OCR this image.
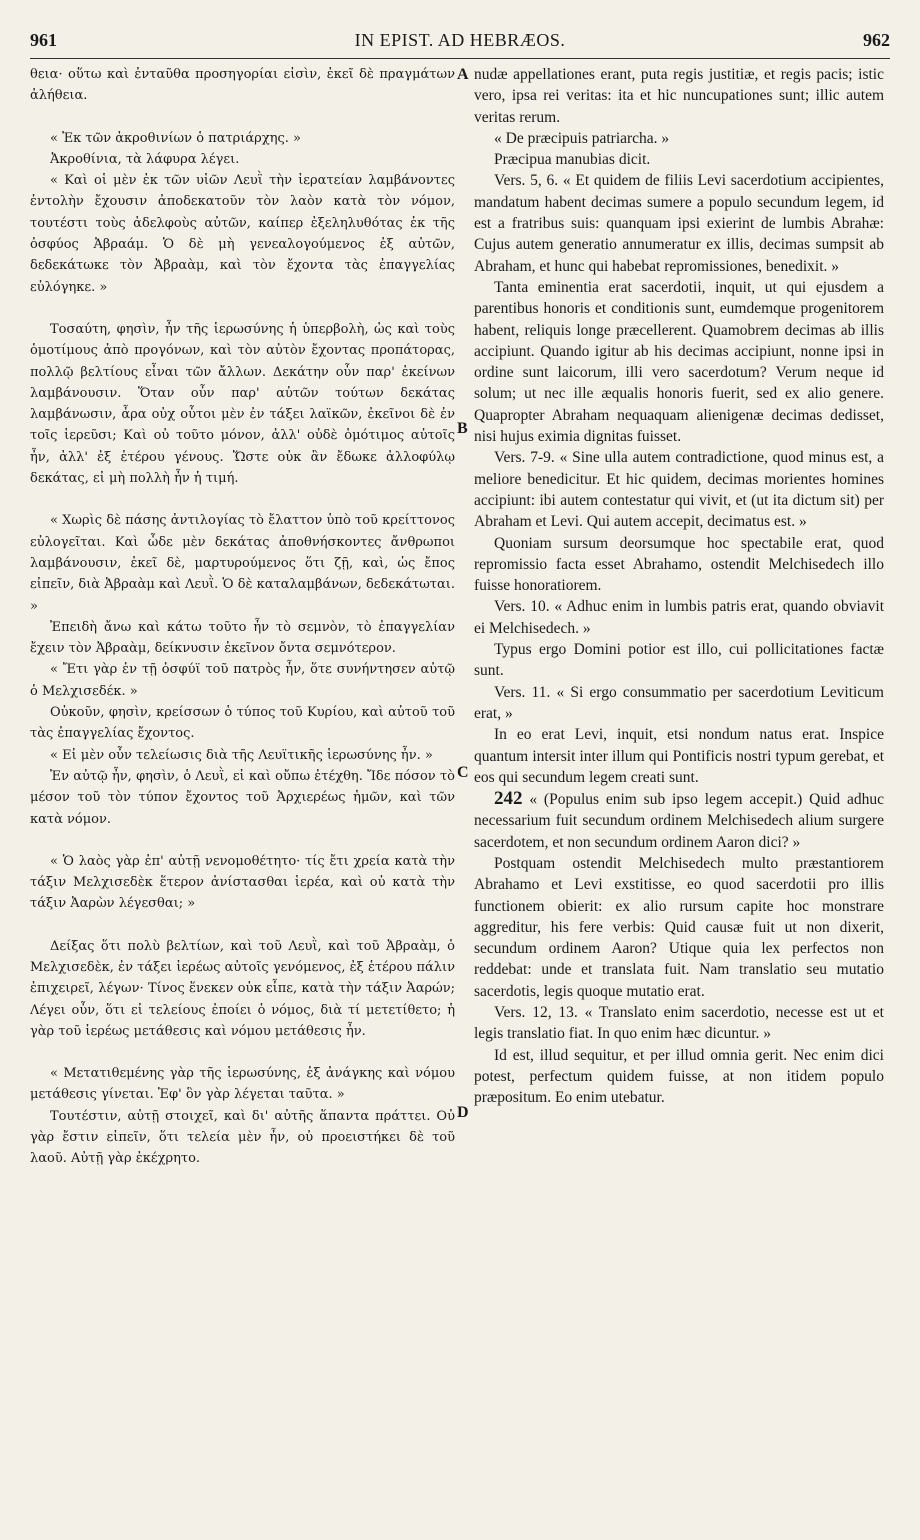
961	IN EPIST. AD HEBRÆOS.	962
A
B
C
D

θεια· οὕτω καὶ ἐνταῦθα προσηγορίαι εἰσὶν, ἐκεῖ δὲ πραγμάτων ἀλήθεια.

« Ἐκ τῶν ἀκροθινίων ὁ πατριάρχης. »

Ἀκροθίνια, τὰ λάφυρα λέγει.

« Καὶ οἱ μὲν ἐκ τῶν υἱῶν Λευῒ τὴν ἱερατείαν λαμβάνοντες ἐντολὴν ἔχουσιν ἀποδεκατοῦν τὸν λαὸν κατὰ τὸν νόμον, τουτέστι τοὺς ἀδελφοὺς αὐτῶν, καίπερ ἐξεληλυθότας ἐκ τῆς ὀσφύος Ἀβραάμ. Ὁ δὲ μὴ γενεαλογούμενος ἐξ αὐτῶν, δεδεκάτωκε τὸν Ἀβραὰμ, καὶ τὸν ἔχοντα τὰς ἐπαγγελίας εὐλόγηκε. »

Τοσαύτη, φησὶν, ἦν τῆς ἱερωσύνης ἡ ὑπερβολὴ, ὡς καὶ τοὺς ὁμοτίμους ἀπὸ προγόνων, καὶ τὸν αὐτὸν ἔχοντας προπάτορας, πολλῷ βελτίους εἶναι τῶν ἄλλων. Δεκάτην οὖν παρ' ἐκείνων λαμβάνουσιν. Ὅταν οὖν παρ' αὐτῶν τούτων δεκάτας λαμβάνωσιν, ἆρα οὐχ οὗτοι μὲν ἐν τάξει λαϊκῶν, ἐκεῖνοι δὲ ἐν τοῖς ἱερεῦσι; Καὶ οὐ τοῦτο μόνον, ἀλλ' οὐδὲ ὁμότιμος αὐτοῖς ἦν, ἀλλ' ἐξ ἑτέρου γένους. Ὥστε οὐκ ἂν ἔδωκε ἀλλοφύλῳ δεκάτας, εἰ μὴ πολλὴ ἦν ἡ τιμή.

« Χωρὶς δὲ πάσης ἀντιλογίας τὸ ἔλαττον ὑπὸ τοῦ κρείττονος εὐλογεῖται. Καὶ ὧδε μὲν δεκάτας ἀποθνήσκοντες ἄνθρωποι λαμβάνουσιν, ἐκεῖ δὲ, μαρτυρούμενος ὅτι ζῇ, καὶ, ὡς ἔπος εἰπεῖν, διὰ Ἀβραὰμ καὶ Λευῒ. Ὁ δὲ καταλαμβάνων, δεδεκάτωται. »

Ἐπειδὴ ἄνω καὶ κάτω τοῦτο ἦν τὸ σεμνὸν, τὸ ἐπαγγελίαν ἔχειν τὸν Ἀβραὰμ, δείκνυσιν ἐκεῖνον ὄντα σεμνότερον.

« Ἔτι γὰρ ἐν τῇ ὀσφύϊ τοῦ πατρὸς ἦν, ὅτε συνήντησεν αὐτῷ ὁ Μελχισεδέκ. »

Οὐκοῦν, φησὶν, κρείσσων ὁ τύπος τοῦ Κυρίου, καὶ αὐτοῦ τοῦ τὰς ἐπαγγελίας ἔχοντος.

« Εἰ μὲν οὖν τελείωσις διὰ τῆς Λευϊτικῆς ἱερωσύνης ἦν. »

Ἐν αὐτῷ ἦν, φησὶν, ὁ Λευῒ, εἰ καὶ οὔπω ἐτέχθη. Ἴδε πόσον τὸ μέσον τοῦ τὸν τύπον ἔχοντος τοῦ Ἀρχιερέως ἡμῶν, καὶ τῶν κατὰ νόμον.

« Ὁ λαὸς γὰρ ἐπ' αὐτῇ νενομοθέτητο· τίς ἔτι χρεία κατὰ τὴν τάξιν Μελχισεδὲκ ἕτερον ἀνίστασθαι ἱερέα, καὶ οὐ κατὰ τὴν τάξιν Ἀαρὼν λέγεσθαι; »

Δείξας ὅτι πολὺ βελτίων, καὶ τοῦ Λευῒ, καὶ τοῦ Ἀβραὰμ, ὁ Μελχισεδὲκ, ἐν τάξει ἱερέως αὐτοῖς γενόμενος, ἐξ ἑτέρου πάλιν ἐπιχειρεῖ, λέγων· Τίνος ἕνεκεν οὐκ εἶπε, κατὰ τὴν τάξιν Ἀαρών; Λέγει οὖν, ὅτι εἰ τελείους ἐποίει ὁ νόμος, διὰ τί μετετίθετο; ἡ γὰρ τοῦ ἱερέως μετάθεσις καὶ νόμου μετάθεσις ἦν.

« Μετατιθεμένης γὰρ τῆς ἱερωσύνης, ἐξ ἀνάγκης καὶ νόμου μετάθεσις γίνεται. Ἐφ' ὃν γὰρ λέγεται ταῦτα. »

Τουτέστιν, αὐτῇ στοιχεῖ, καὶ δι' αὐτῆς ἅπαντα πράττει. Οὐ γὰρ ἔστιν εἰπεῖν, ὅτι τελεία μὲν ἦν, οὐ προειστήκει δὲ τοῦ λαοῦ. Αὐτῇ γὰρ ἐκέχρητο.

nudæ appellationes erant, puta regis justitiæ, et regis pacis; istic vero, ipsa rei veritas: ita et hic nuncupationes sunt; illic autem veritas rerum.

« De præcipuis patriarcha. »

Præcipua manubias dicit.

Vers. 5, 6. « Et quidem de filiis Levi sacerdotium accipientes, mandatum habent decimas sumere a populo secundum legem, id est a fratribus suis: quanquam ipsi exierint de lumbis Abrahæ: Cujus autem generatio annumeratur ex illis, decimas sumpsit ab Abraham, et hunc qui habebat repromissiones, benedixit. »

Tanta eminentia erat sacerdotii, inquit, ut qui ejusdem a parentibus honoris et conditionis sunt, eumdemque progenitorem habent, reliquis longe præcellerent. Quamobrem decimas ab illis accipiunt. Quando igitur ab his decimas accipiunt, nonne ipsi in ordine sunt laicorum, illi vero sacerdotum? Verum neque id solum; ut nec ille æqualis honoris fuerit, sed ex alio genere. Quapropter Abraham nequaquam alienigenæ decimas dedisset, nisi hujus eximia dignitas fuisset.

Vers. 7-9. « Sine ulla autem contradictione, quod minus est, a meliore benedicitur. Et hic quidem, decimas morientes homines accipiunt: ibi autem contestatur qui vivit, et (ut ita dictum sit) per Abraham et Levi. Qui autem accepit, decimatus est. »

Quoniam sursum deorsumque hoc spectabile erat, quod repromissio facta esset Abrahamo, ostendit Melchisedech illo fuisse honoratiorem.

Vers. 10. « Adhuc enim in lumbis patris erat, quando obviavit ei Melchisedech. »

Typus ergo Domini potior est illo, cui pollicitationes factæ sunt.

Vers. 11. « Si ergo consummatio per sacerdotium Leviticum erat, »

In eo erat Levi, inquit, etsi nondum natus erat. Inspice quantum intersit inter illum qui Pontificis nostri typum gerebat, et eos qui secundum legem creati sunt.

242 « (Populus enim sub ipso legem accepit.) Quid adhuc necessarium fuit secundum ordinem Melchisedech alium surgere sacerdotem, et non secundum ordinem Aaron dici? »

Postquam ostendit Melchisedech multo præstantiorem Abrahamo et Levi exstitisse, eo quod sacerdotii pro illis functionem obierit: ex alio rursum capite hoc monstrare aggreditur, his fere verbis: Quid causæ fuit ut non dixerit, secundum ordinem Aaron? Utique quia lex perfectos non reddebat: unde et translata fuit. Nam translatio seu mutatio sacerdotis, legis quoque mutatio erat.

Vers. 12, 13. « Translato enim sacerdotio, necesse est ut et legis translatio fiat. In quo enim hæc dicuntur. »

Id est, illud sequitur, et per illud omnia gerit. Nec enim dici potest, perfectum quidem fuisse, at non itidem populo præpositum. Eo enim utebatur.
